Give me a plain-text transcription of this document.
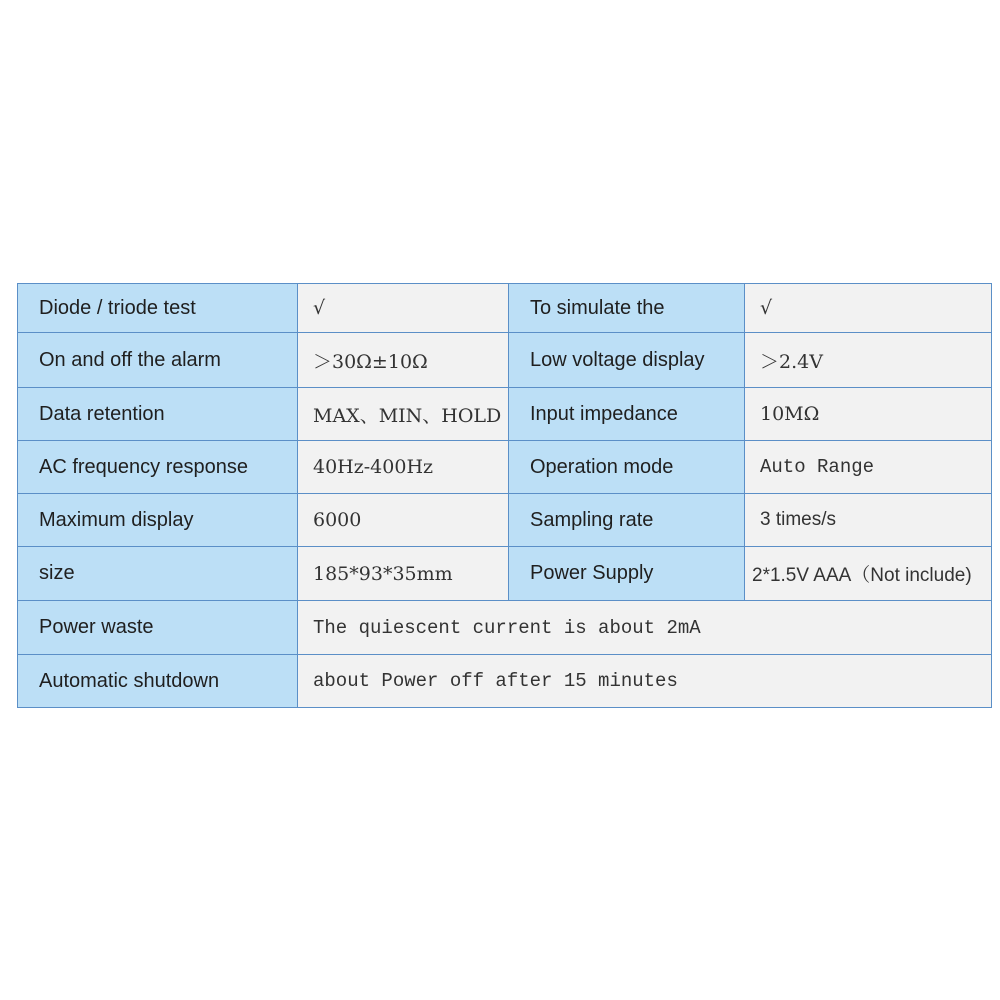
Diode / triode test	√	To simulate the	√
On and off the alarm	＞30Ω±10Ω	Low voltage display	＞2.4V
Data retention	MAX、MIN、HOLD	Input impedance	10MΩ
AC frequency response	40Hz-400Hz	Operation mode	Auto Range
Maximum display	6000	Sampling rate	3 times/s
size	185*93*35mm	Power Supply	2*1.5V AAA（Not include)
Power waste	The quiescent current is about 2mA		
Automatic shutdown	about Power off after 15 minutes		
